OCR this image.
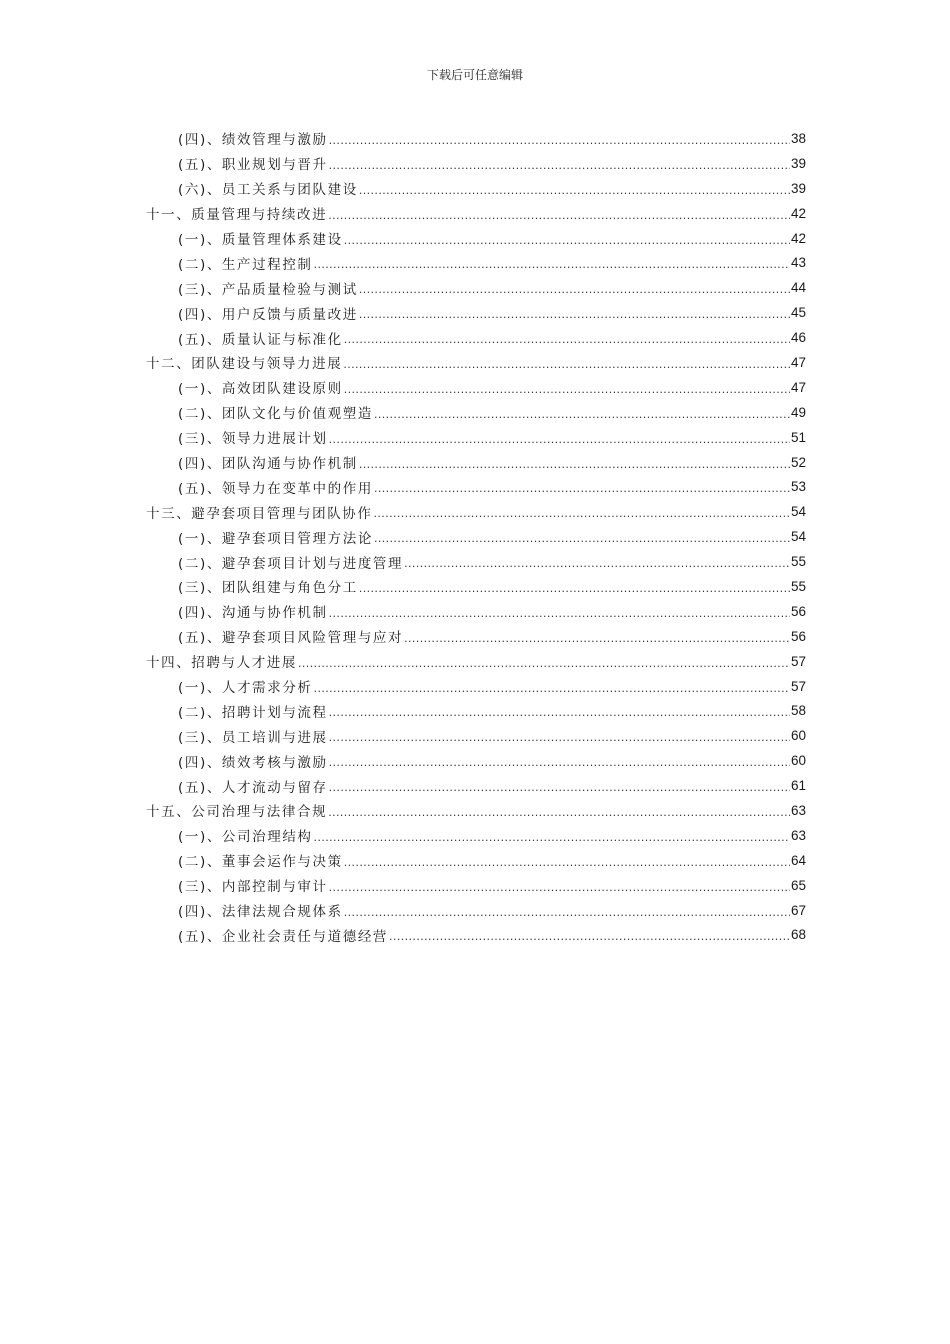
下载后可任意编辑
(四)、绩效管理与激励 .....	38
(五)、职业规划与晋升 .....	39
(六)、员工关系与团队建设 .....	39
十一、质量管理与持续改进 .....	42
(一)、质量管理体系建设 .....	42
(二)、生产过程控制 .....	43
(三)、产品质量检验与测试 .....	44
(四)、用户反馈与质量改进 .....	45
(五)、质量认证与标准化 .....	46
十二、团队建设与领导力进展 .....	47
(一)、高效团队建设原则 .....	47
(二)、团队文化与价值观塑造 .....	49
(三)、领导力进展计划 .....	51
(四)、团队沟通与协作机制 .....	52
(五)、领导力在变革中的作用 .....	53
十三、避孕套项目管理与团队协作 .....	54
(一)、避孕套项目管理方法论 .....	54
(二)、避孕套项目计划与进度管理 .....	55
(三)、团队组建与角色分工 .....	55
(四)、沟通与协作机制 .....	56
(五)、避孕套项目风险管理与应对 .....	56
十四、招聘与人才进展 .....	57
(一)、人才需求分析 .....	57
(二)、招聘计划与流程 .....	58
(三)、员工培训与进展 .....	60
(四)、绩效考核与激励 .....	60
(五)、人才流动与留存 .....	61
十五、公司治理与法律合规 .....	63
(一)、公司治理结构 .....	63
(二)、董事会运作与决策 .....	64
(三)、内部控制与审计 .....	65
(四)、法律法规合规体系 .....	67
(五)、企业社会责任与道德经营 .....	68
